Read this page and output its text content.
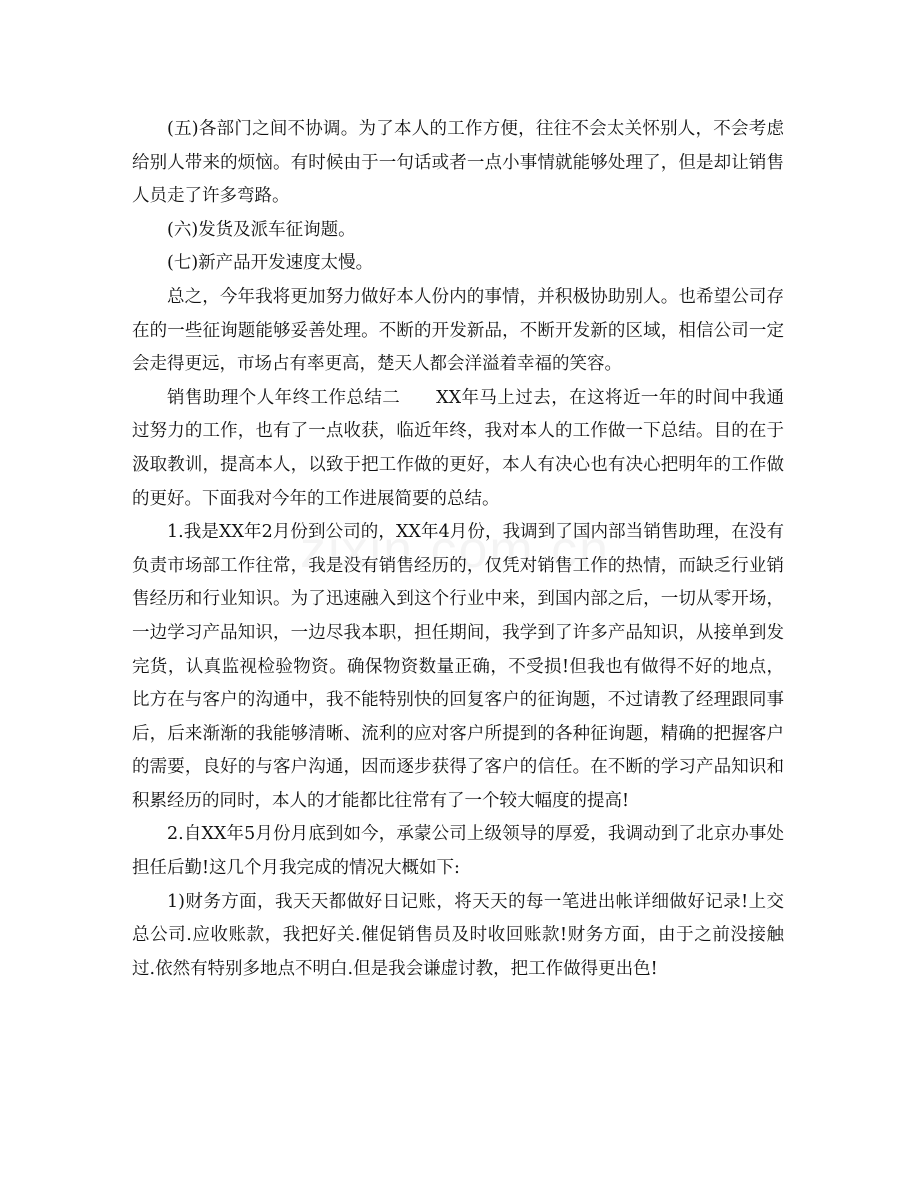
(五)各部门之间不协调。为了本人的工作方便，往往不会太关怀别人，不会考虑给别人带来的烦恼。有时候由于一句话或者一点小事情就能够处理了，但是却让销售人员走了许多弯路。

(六)发货及派车征询题。

(七)新产品开发速度太慢。

总之，今年我将更加努力做好本人份内的事情，并积极协助别人。也希望公司存在的一些征询题能够妥善处理。不断的开发新品，不断开发新的区域，相信公司一定会走得更远，市场占有率更高，楚天人都会洋溢着幸福的笑容。

销售助理个人年终工作总结二　　XX年马上过去，在这将近一年的时间中我通过努力的工作，也有了一点收获，临近年终，我对本人的工作做一下总结。目的在于汲取教训，提高本人，以致于把工作做的更好，本人有决心也有决心把明年的工作做的更好。下面我对今年的工作进展简要的总结。

1.我是XX年2月份到公司的，XX年4月份，我调到了国内部当销售助理，在没有负责市场部工作往常，我是没有销售经历的，仅凭对销售工作的热情，而缺乏行业销售经历和行业知识。为了迅速融入到这个行业中来，到国内部之后，一切从零开场，一边学习产品知识，一边尽我本职，担任期间，我学到了许多产品知识，从接单到发完货，认真监视检验物资。确保物资数量正确，不受损!但我也有做得不好的地点，比方在与客户的沟通中，我不能特别快的回复客户的征询题，不过请教了经理跟同事后，后来渐渐的我能够清晰、流利的应对客户所提到的各种征询题，精确的把握客户的需要，良好的与客户沟通，因而逐步获得了客户的信任。在不断的学习产品知识和积累经历的同时，本人的才能都比往常有了一个较大幅度的提高!

2.自XX年5月份月底到如今，承蒙公司上级领导的厚爱，我调动到了北京办事处担任后勤!这几个月我完成的情况大概如下:

1)财务方面，我天天都做好日记账，将天天的每一笔进出帐详细做好记录!上交总公司.应收账款，我把好关.催促销售员及时收回账款!财务方面，由于之前没接触过.依然有特别多地点不明白.但是我会谦虚讨教，把工作做得更出色!
